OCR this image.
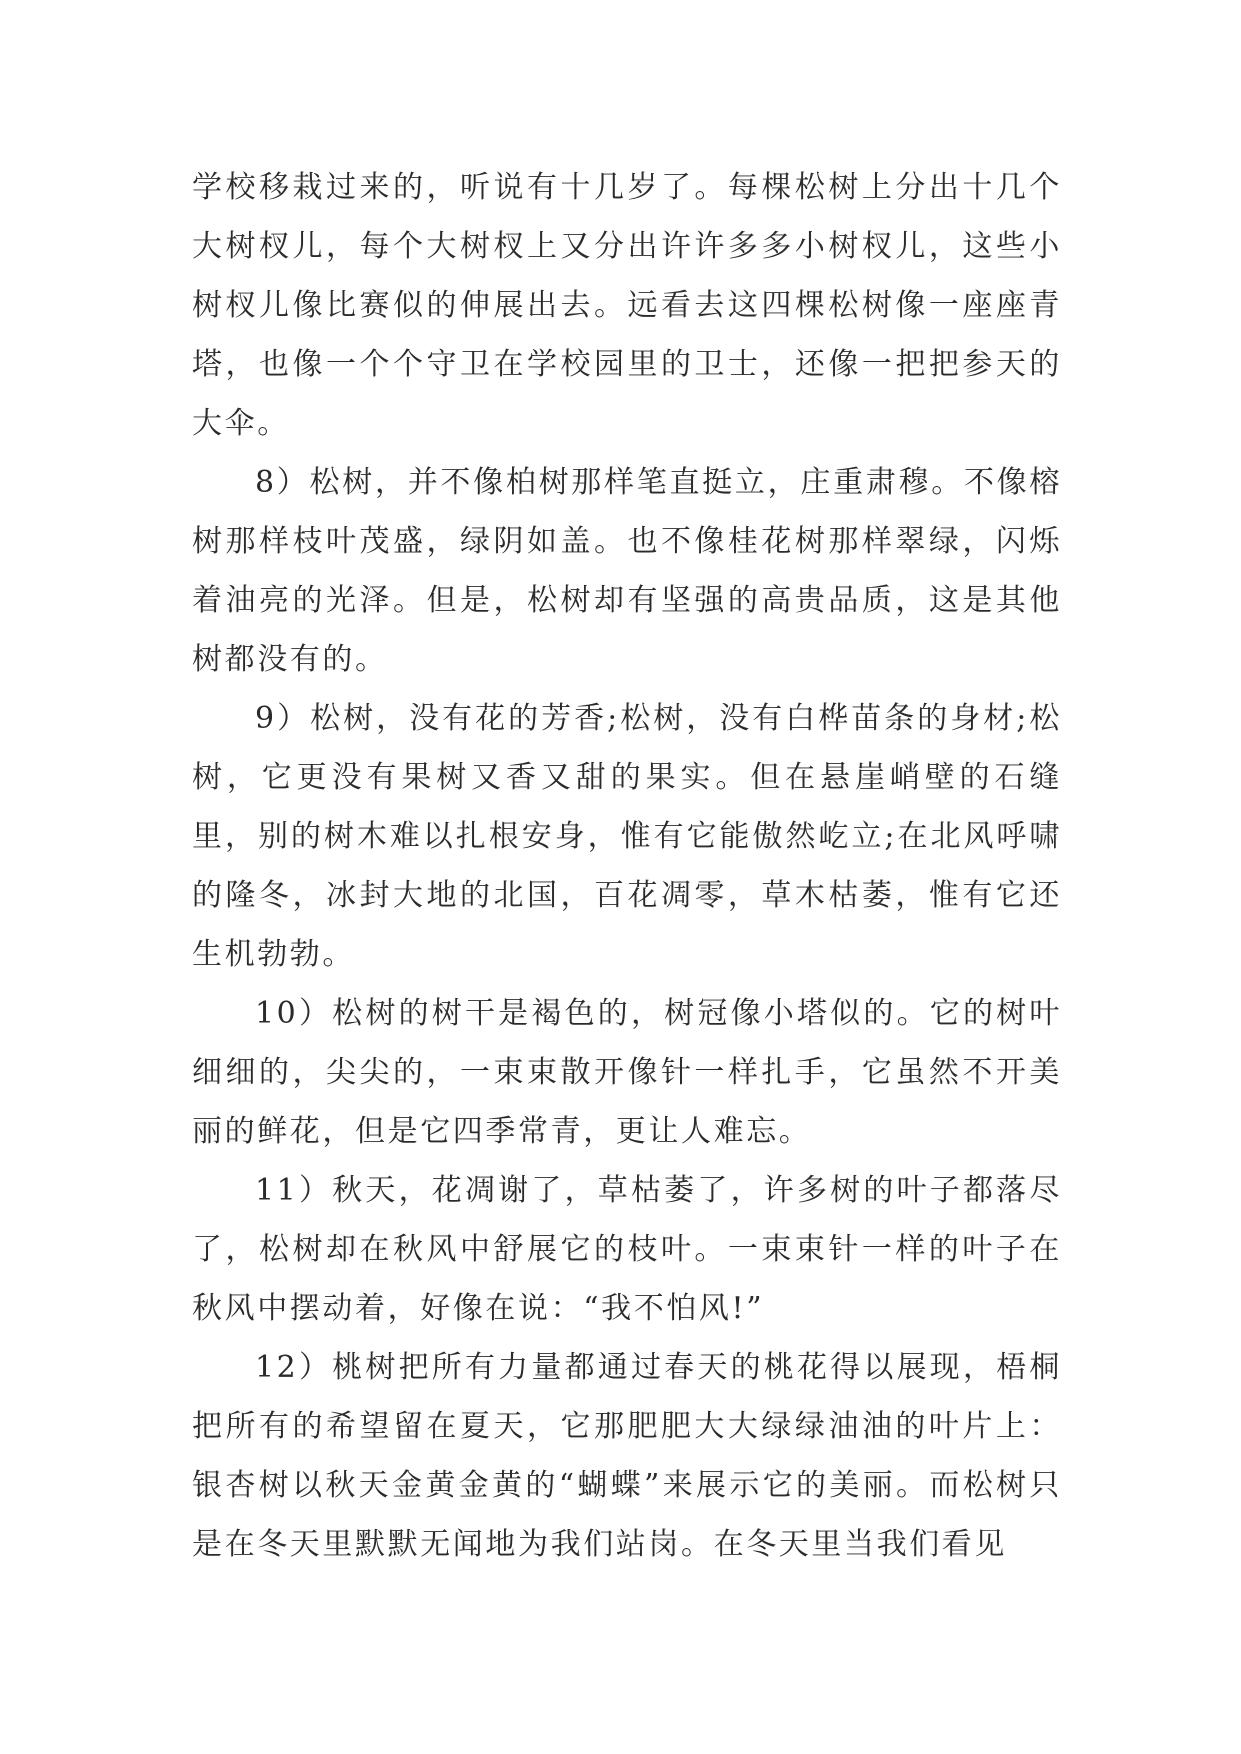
学校移栽过来的，听说有十几岁了。每棵松树上分出十几个大树杈儿，每个大树杈上又分出许许多多小树杈儿，这些小树杈儿像比赛似的伸展出去。远看去这四棵松树像一座座青塔，也像一个个守卫在学校园里的卫士，还像一把把参天的大伞。

8）松树，并不像柏树那样笔直挺立，庄重肃穆。不像榕树那样枝叶茂盛，绿阴如盖。也不像桂花树那样翠绿，闪烁着油亮的光泽。但是，松树却有坚强的高贵品质，这是其他树都没有的。

9）松树，没有花的芳香;松树，没有白桦苗条的身材;松树，它更没有果树又香又甜的果实。但在悬崖峭壁的石缝里，别的树木难以扎根安身，惟有它能傲然屹立;在北风呼啸的隆冬，冰封大地的北国，百花凋零，草木枯萎，惟有它还生机勃勃。

10）松树的树干是褐色的，树冠像小塔似的。它的树叶细细的，尖尖的，一束束散开像针一样扎手，它虽然不开美丽的鲜花，但是它四季常青，更让人难忘。

11）秋天，花凋谢了，草枯萎了，许多树的叶子都落尽了，松树却在秋风中舒展它的枝叶。一束束针一样的叶子在秋风中摆动着，好像在说：“我不怕风!”

12）桃树把所有力量都通过春天的桃花得以展现，梧桐把所有的希望留在夏天，它那肥肥大大绿绿油油的叶片上：银杏树以秋天金黄金黄的“蝴蝶”来展示它的美丽。而松树只是在冬天里默默无闻地为我们站岗。在冬天里当我们看见
